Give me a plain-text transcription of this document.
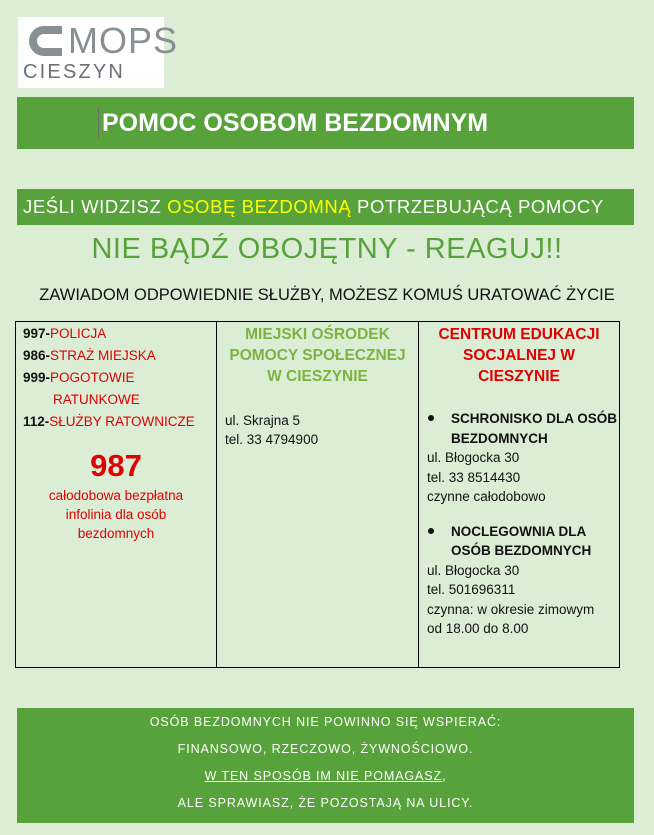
MOPS
CIESZYN
POMOC OSOBOM BEZDOMNYM
JEŚLI WIDZISZ OSOBĘ BEZDOMNĄ POTRZEBUJĄCĄ POMOCY
NIE BĄDŹ OBOJĘTNY - REAGUJ!!
ZAWIADOM ODPOWIEDNIE SŁUŻBY, MOŻESZ KOMUŚ URATOWAĆ ŻYCIE

997-POLICJA

986-STRAŻ MIEJSKA

999-POGOTOWIE

RATUNKOWE

112-SŁUŻBY RATOWNICZE

987
całodobowa bezpłatna
infolinia dla osób
bezdomnych
MIEJSKI OŚRODEK
POMOCY SPOŁECZNEJ
W CIESZYNIE
ul. Skrajna 5
tel. 33 4794900
CENTRUM EDUKACJI
SOCJALNEJ W
CIESZYNIE
SCHRONISKO DLA OSÓB
BEZDOMNYCH
ul. Błogocka 30
tel. 33 8514430
czynne całodobowo
NOCLEGOWNIA DLA
OSÓB BEZDOMNYCH
ul. Błogocka 30
tel. 501696311
czynna: w okresie zimowym
od 18.00 do 8.00
OSÓB BEZDOMNYCH NIE POWINNO SIĘ WSPIERAĆ:
FINANSOWO, RZECZOWO, ŻYWNOŚCIOWO.
W TEN SPOSÓB IM NIE POMAGASZ,
ALE SPRAWIASZ, ŻE POZOSTAJĄ NA ULICY.
